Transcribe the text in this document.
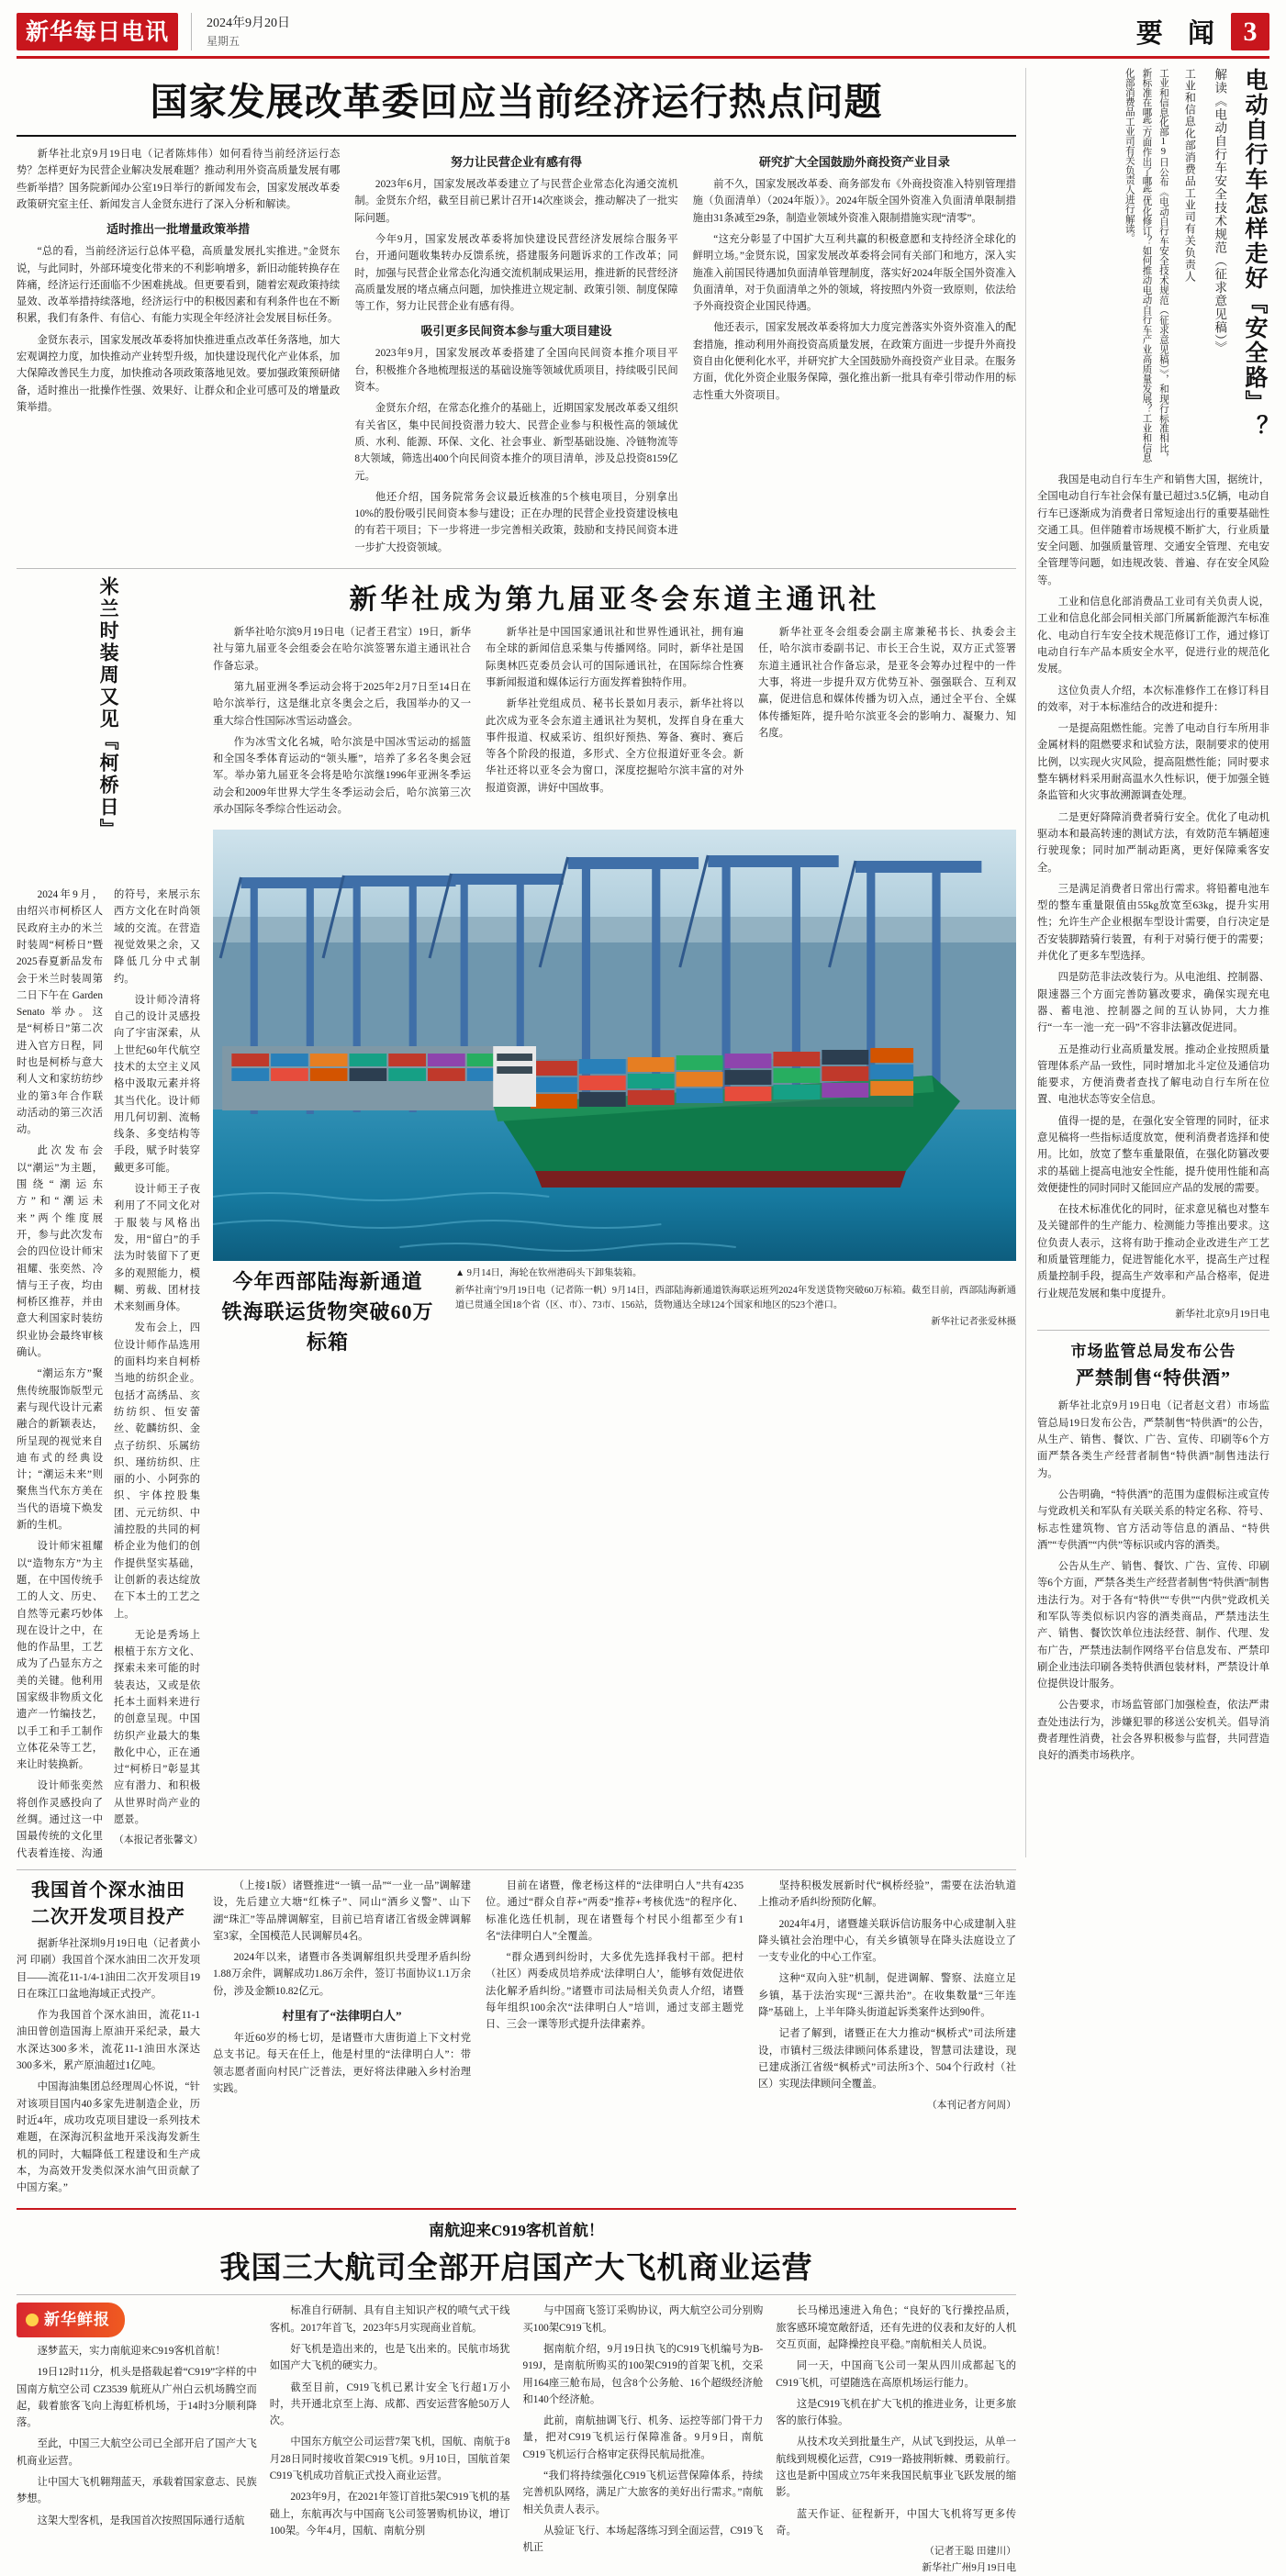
新华每日电讯	2024年9月20日
星期五	要 闻 3
国家发展改革委回应当前经济运行热点问题

新华社北京9月19日电（记者陈炜伟）如何看待当前经济运行态势？怎样更好为民营企业解决发展难题？推动利用外资高质量发展有哪些新举措？国务院新闻办公室19日举行的新闻发布会，国家发展改革委政策研究室主任、新闻发言人金贤东进行了深入分析和解读。

适时推出一批增量政策举措

“总的看，当前经济运行总体平稳，高质量发展扎实推进。”金贤东说，与此同时，外部环境变化带来的不利影响增多，新旧动能转换存在阵痛，经济运行还面临不少困难挑战。但更要看到，随着宏观政策持续显效、改革举措持续落地，经济运行中的积极因素和有利条件也在不断积累，我们有条件、有信心、有能力实现全年经济社会发展目标任务。

金贤东表示，国家发展改革委将加快推进重点改革任务落地，加大宏观调控力度，加快推动产业转型升级，加快建设现代化产业体系，加大保障改善民生力度，加快推动各项政策落地见效。要加强政策预研储备，适时推出一批操作性强、效果好、让群众和企业可感可及的增量政策举措。

努力让民营企业有感有得

2023年6月，国家发展改革委建立了与民营企业常态化沟通交流机制。金贤东介绍，截至目前已累计召开14次座谈会，推动解决了一批实际问题。

今年9月，国家发展改革委将加快建设民营经济发展综合服务平台，开通问题收集转办反馈系统，搭建服务问题诉求的工作改革；同时，加强与民营企业常态化沟通交流机制成果运用，推进新的民营经济高质量发展的堵点痛点问题，加快推进立规定制、政策引领、制度保障等工作，努力让民营企业有感有得。

吸引更多民间资本参与重大项目建设

2023年9月，国家发展改革委搭建了全国向民间资本推介项目平台，积极推介各地梳理报送的基础设施等领域优质项目，持续吸引民间资本。

金贤东介绍，在常态化推介的基础上，近期国家发展改革委又组织有关省区，集中民间投资潜力较大、民营企业参与积极性高的领域优质、水利、能源、环保、文化、社会事业、新型基础设施、冷链物流等8大领域，筛选出400个向民间资本推介的项目清单，涉及总投资8159亿元。

他还介绍，国务院常务会议最近核准的5个核电项目，分别拿出10%的股份吸引民间资本参与建设；正在办理的民营企业投资建设核电的有若干项目；下一步将进一步完善相关政策，鼓励和支持民间资本进一步扩大投资领域。

研究扩大全国鼓励外商投资产业目录

前不久，国家发展改革委、商务部发布《外商投资准入特别管理措施（负面清单）（2024年版）》。2024年版全国外资准入负面清单限制措施由31条减至29条，制造业领域外资准入限制措施实现“清零”。

“这充分彰显了中国扩大互利共赢的积极意愿和支持经济全球化的鲜明立场。”金贤东说，国家发展改革委将会同有关部门和地方，深入实施准入前国民待遇加负面清单管理制度，落实好2024年版全国外资准入负面清单，对于负面清单之外的领域，将按照内外资一致原则，依法给予外商投资企业国民待遇。

他还表示，国家发展改革委将加大力度完善落实外资外资准入的配套措施，推动利用外商投资高质量发展，在政策方面进一步提升外商投资自由化便利化水平，并研究扩大全国鼓励外商投资产业目录。在服务方面，优化外资企业服务保障，强化推出新一批具有牵引带动作用的标志性重大外资项目。

米兰时装周又见『柯桥日』

2024年9月，由绍兴市柯桥区人民政府主办的米兰时装周“柯桥日”暨2025春夏新品发布会于米兰时装周第二日下午在 Garden Senato 举办。这是“柯桥日”第二次进入官方日程，同时也是柯桥与意大利人文和家纺纺纱业的第3年合作联动活动的第三次活动。

此次发布会以“潮运”为主题，围绕“潮运东方”和“潮运未来”两个维度展开，参与此次发布会的四位设计师宋祖耀、张奕然、冷情与王子夜，均由柯桥区推荐，并由意大利国家时装纺织业协会最终审核确认。

“潮运东方”聚焦传统服饰版型元素与现代设计元素融合的新颖表达，所呈现的视觉来自迪布式的经典设计；“潮运未来”则聚焦当代东方美在当代的语境下焕发新的生机。

设计师宋祖耀以“造物东方”为主题，在中国传统手工的人文、历史、自然等元素巧妙体现在设计之中，在他的作品里，工艺成为了凸显东方之美的关键。他利用国家级非物质文化遗产一竹编技艺，以手工和手工制作立体花朵等工艺，来让时装换新。

设计师张奕然将创作灵感投向了丝绸。通过这一中国最传统的文化里代表着连接、沟通的符号，来展示东西方文化在时尚领域的交流。在营造视觉效果之余，又降低几分中式制约。

设计师冷清将自己的设计灵感投向了宇宙深索，从上世纪60年代航空技术的太空主义风格中汲取元素并将其当代化。设计师用几何切割、流畅线条、多变结构等手段，赋予时装穿戴更多可能。

设计师王子夜利用了不同文化对于服装与风格出发，用“留白”的手法为时装留下了更多的观照能力，模糊、剪裁、团材技术来刻画身体。

发布会上，四位设计师作品选用的面料均来自柯桥当地的纺织企业。包括才高绣品、亥纺纺织、恒安蕾丝、乾麟纺织、金点子纺织、乐属纺织、瑾纺纺织、庄丽的小、小阿弥的织、宇体控股集团、元元纺织、中浦控股的共同的柯桥企业为他们的创作提供坚实基础，让创新的表达绽放在下本土的工艺之上。

无论是秀场上根植于东方文化、探索未来可能的时装表达，又或是依托本土面料来进行的创意呈现。中国纺织产业最大的集散化中心，正在通过“柯桥日”彰显其应有潜力、和积极从世界时尚产业的愿景。

（本报记者张馨文）
新华社成为第九届亚冬会东道主通讯社

新华社哈尔滨9月19日电（记者王君宝）19日，新华社与第九届亚冬会组委会在哈尔滨签署东道主通讯社合作备忘录。

第九届亚洲冬季运动会将于2025年2月7日至14日在哈尔滨举行，这是继北京冬奥会之后，我国举办的又一重大综合性国际冰雪运动盛会。

作为冰雪文化名城，哈尔滨是中国冰雪运动的摇篮和全国冬季体育运动的“领头雁”，培养了多名冬奥会冠军。举办第九届亚冬会将是哈尔滨继1996年亚洲冬季运动会和2009年世界大学生冬季运动会后，哈尔滨第三次承办国际冬季综合性运动会。

新华社是中国国家通讯社和世界性通讯社，拥有遍布全球的新闻信息采集与传播网络。同时，新华社是国际奥林匹克委员会认可的国际通讯社，在国际综合性赛事新闻报道和媒体运行方面发挥着独特作用。

新华社党组成员、秘书长景如月表示，新华社将以此次成为亚冬会东道主通讯社为契机，发挥自身在重大事件报道、权威采访、组织好预热、筹备、赛时、赛后等各个阶段的报道，多形式、全方位报道好亚冬会。新华社还将以亚冬会为窗口，深度挖掘哈尔滨丰富的对外报道资源，讲好中国故事。

新华社亚冬会组委会副主席兼秘书长、执委会主任，哈尔滨市委副书记、市长王合生说，双方正式签署东道主通讯社合作备忘录，是亚冬会筹办过程中的一件大事，将进一步提升双方优势互补、强强联合、互利双赢，促进信息和媒体传播为切入点，通过全平台、全媒体传播矩阵，提升哈尔滨亚冬会的影响力、凝聚力、知名度。

今年西部陆海新通道
铁海联运货物突破60万标箱
▲ 9月14日，海轮在钦州港码头下卸集装箱。
新华社南宁9月19日电（记者陈一帆）9月14日，西部陆海新通道铁海联运班列2024年发送货物突破60万标箱。截至目前，西部陆海新通道已贯通全国18个省（区、市）、73市、156站，货物通达全球124个国家和地区的523个港口。
新华社记者张爱林摄
我国首个深水油田
二次开发项目投产

据新华社深圳9月19日电（记者黄小河 印刷）我国首个深水油田二次开发项目——流花11-1/4-1油田二次开发项目19日在珠江口盆地海域正式投产。

作为我国首个深水油田，流花11-1油田曾创造国海上原油开采纪录，最大水深达300多米，流花11-1油田水深达300多米，累产原油超过1亿吨。

中国海油集团总经理周心怀说，“针对该项目国内40多家先进制造企业，历时近4年，成功攻克项目建设一系列技术难题，在深海沉积盆地开采浅海发新生机的同时，大幅降低工程建设和生产成本，为高效开发类似深水油气田贡献了中国方案。”

（上接1版）诸暨推进“一镇一品”“一业一品”调解建设，先后建立大塘“红株子”、同山“酒乡义警”、山下湖“珠汇”等品牌调解室，目前已培育诸江省级金牌调解室3家，全国模范人民调解员4名。

2024年以来，诸暨市各类调解组织共受理矛盾纠纷1.88万余件，调解成功1.86万余件，签订书面协议1.1万余份，涉及金额10.82亿元。

村里有了“法律明白人”

年近60岁的杨七切，是诸暨市大唐街道上下文村党总支书记。每天在任上，他是村里的“法律明白人”：带领志愿者面向村民广泛普法，更好将法律融入乡村治理实践。

目前在诸暨，像老杨这样的“法律明白人”共有4235位。通过“群众自荐+”两委”推荐+考核优选”的程序化、标准化选任机制，现在诸暨每个村民小组都至少有1名“法律明白人”全覆盖。

“群众遇到纠纷时，大多优先选择我村干部。把村（社区）两委成员培养成‘法律明白人’，能够有效促进依法化解矛盾纠纷。”诸暨市司法局相关负责人介绍，诸暨每年组织100余次“法律明白人”培训，通过支部主题党日、三会一课等形式提升法律素养。

坚持积极发展新时代“枫桥经验”，需要在法治轨道上推动矛盾纠纷预防化解。

2024年4月，诸暨雄关联诉信访服务中心成建制入驻降头镇社会治理中心，有关乡镇领导在降头法庭设立了一支专业化的中心工作室。

这种“双向入驻”机制，促进调解、警察、法庭立足乡镇，基于法治实现“三源共治”。在收集数量“三年连降”基础上，上半年降头街道起诉类案件达到90件。

记者了解到，诸暨正在大力推动“枫桥式”司法所建设，市镇村三级法律顾问体系建设，智慧司法建设，现已建成浙江省级“枫桥式”司法所3个、504个行政村（社区）实现法律顾问全覆盖。

（本刊记者方问周）
南航迎来C919客机首航！
我国三大航司全部开启国产大飞机商业运营
新华鲜报

逐梦蓝天，实力南航迎来C919客机首航！

19日12时11分，机头是搭载起着“C919”字样的中国南方航空公司 CZ3539 航班从广州白云机场腾空而起，载着旅客飞向上海虹桥机场，于14时3分顺利降落。

至此，中国三大航空公司已全部开启了国产大飞机商业运营。

让中国大飞机翱翔蓝天，承载着国家意志、民族梦想。

这架大型客机，是我国首次按照国际通行适航

标准自行研制、具有自主知识产权的喷气式干线客机。2017年首飞，2023年5月实现商业首航。

好飞机是造出来的，也是飞出来的。民航市场犹如国产大飞机的硬实力。

截至目前，C919飞机已累计安全飞行超1万小时，共开通北京至上海、成都、西安运营客舱50万人次。

中国东方航空公司运营7架飞机，国航、南航于8月28日同时接收首架C919飞机。9月10日，国航首架C919飞机成功首航正式投入商业运营。

2023年9月，在2021年签订首批5架C919飞机的基础上，东航再次与中国商飞公司签署购机协议，增订100架。今年4月，国航、南航分别

与中国商飞签订采购协议，两大航空公司分别购买100架C919飞机。

据南航介绍，9月19日执飞的C919飞机编号为B-919J，是南航所购买的100架C919的首架飞机，交采用164座三舱布局，包含8个公务舱、16个超级经济舱和140个经济舱。

此前，南航抽调飞行、机务、运控等部门骨干力量，把对C919飞机运行保障准备。9月9日，南航C919飞机运行合格审定获得民航局批准。

“我们将持续强化C919飞机运营保障体系，持续完善机队网络，满足广大旅客的美好出行需求。”南航相关负责人表示。

从验证飞行、本场起落练习到全面运营，C919飞机正

长马梯迅速进入角色；“良好的飞行操控品质，旅客感环境宽敞舒适，还有先进的仪表和友好的人机交互页面，起降操控良平稳。”南航相关人员说。

同一天，中国商飞公司一架从四川成都起飞的C919飞机，可望随选在高原机场运行能力。

这是C919飞机在扩大飞机的推进业务，让更多旅客的旅行体验。

从技术攻关到批量生产，从试飞到投运，从单一航线到规模化运营，C919一路披荆斩棘、勇毅前行。这也是新中国成立75年来我国民航事业飞跃发展的缩影。

蓝天作证、征程新开，中国大飞机将写更多传奇。

（记者王聪 田建川）
新华社广州9月19日电
电动自行车怎样走好『安全路』？
解读《电动自行车安全技术规范（征求意见稿）》
工业和信息化部消费品工业司有关负责人
工业和信息化部19日公布《电动自行车安全技术规范（征求意见稿）》，和现行标准相比，新标准在哪些方面作出了哪些优化修订？如何推动电动自行车产业高质量发展？工业和信息化部消费品工业司有关负责人进行解读。

我国是电动自行车生产和销售大国，据统计，全国电动自行车社会保有量已超过3.5亿辆，电动自行车已逐渐成为消费者日常短途出行的重要基础性交通工具。但伴随着市场规模不断扩大，行业质量安全问题、加强质量管理、交通安全管理、充电安全管理等问题，如违规改装、普遍、存在安全风险等。

工业和信息化部消费品工业司有关负责人说，工业和信息化部会同相关部门所属新能源汽车标准化、电动自行车安全技术规范修订工作，通过修订电动自行车产品本质安全水平，促进行业的规范化发展。

这位负责人介绍，本次标准修作工在修订科目的效率，对于本标准结合的改进和提升：

一是提高阻燃性能。完善了电动自行车所用非金属材料的阻燃要求和试验方法，限制要求的使用比例，以实现火灾风险，提高阻燃性能；同时要求整车辆材料采用耐高温水久性标识，便于加强全链条监管和火灾事故溯源调查处理。

二是更好降障消费者骑行安全。优化了电动机驱动本和最高转速的测试方法，有效防范车辆超速行驶现象；同时加严制动距离，更好保障乘客安全。

三是满足消费者日常出行需求。将铅蓄电池车型的整车重量限值由55kg放宽至63kg，提升实用性；允许生产企业根据车型设计需要，自行决定是否安装脚踏骑行装置，有利于对骑行便于的需要；并优化了更多车型选择。

四是防范非法改装行为。从电池组、控制器、限速器三个方面完善防篡改要求，确保实现充电器、蓄电池、控制器之间的互认协同，大力推行“一车一池一充一码”不容非法篡改促进同。

五是推动行业高质量发展。推动企业按照质量管理体系产品一致性，同时增加北斗定位及通信功能要求，方便消费者查找了解电动自行车所在位置、电池状态等安全信息。

值得一提的是，在强化安全管理的同时，征求意见稿将一些指标适度放宽，便利消费者选择和使用。比如，放宽了整车重量限值，在强化防篡改要求的基础上提高电池安全性能，提升使用性能和高效便捷性的同时同时又能回应产品的发展的需要。

在技术标准优化的同时，征求意见稿也对整车及关键部件的生产能力、检测能力等推出要求。这位负责人表示，这将有助于推动企业改进生产工艺和质量管理能力，促进智能化水平，提高生产过程质量控制手段，提高生产效率和产品合格率，促进行业规范发展和集中度提升。

新华社北京9月19日电
市场监管总局发布公告
严禁制售“特供酒”

新华社北京9月19日电（记者赵文君）市场监管总局19日发布公告，严禁制售“特供酒”的公告，从生产、销售、餐饮、广告、宣传、印刷等6个方面严禁各类生产经营者制售“特供酒”制售违法行为。

公告明确，“特供酒”的范围为虚假标注或宣传与党政机关和军队有关联关系的特定名称、符号、标志性建筑物、官方活动等信息的酒品、“特供酒”“专供酒”“内供”等标识或内容的酒类。

公告从生产、销售、餐饮、广告、宣传、印刷等6个方面，严禁各类生产经营者制售“特供酒”制售违法行为。对于各有“特供”“专供”“内供”党政机关和军队等类似标识内容的酒类商品，严禁违法生产、销售、餐饮饮单位违法经营、制作、代理、发布广告，严禁违法制作网络平台信息发布、严禁印刷企业违法印刷各类特供酒包装材料，严禁设计单位提供设计服务。

公告要求，市场监管部门加强检查，依法严肃查处违法行为，涉嫌犯罪的移送公安机关。倡导消费者理性消费，社会各界积极参与监督，共同营造良好的酒类市场秩序。
